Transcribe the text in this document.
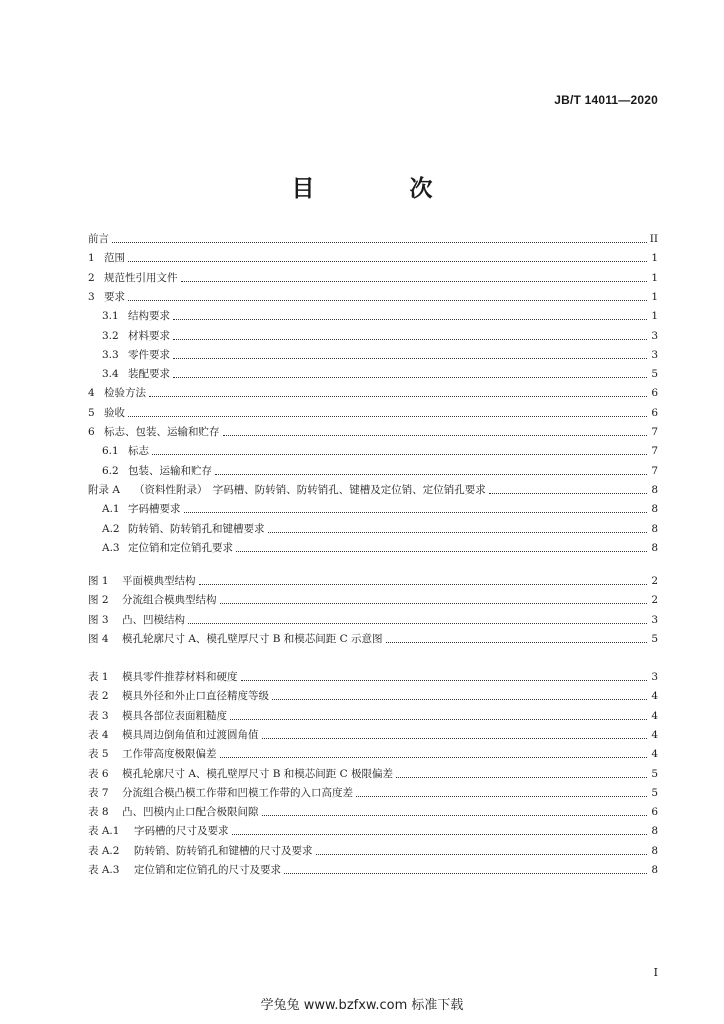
JB/T 14011—2020
目　次
前言	II
1 范围	1
2 规范性引用文件	1
3 要求	1
3.1 结构要求	1
3.2 材料要求	3
3.3 零件要求	3
3.4 装配要求	5
4 检验方法	6
5 验收	6
6 标志、包装、运输和贮存	7
6.1 标志	7
6.2 包装、运输和贮存	7
附录 A	（资料性附录）　字码槽、防转销、防转销孔、键槽及定位销、定位销孔要求	8
A.1 字码槽要求	8
A.2 防转销、防转销孔和键槽要求	8
A.3 定位销和定位销孔要求	8
图 1	平面模典型结构	2
图 2	分流组合模典型结构	2
图 3	凸、凹模结构	3
图 4	模孔轮廓尺寸 A、模孔壁厚尺寸 B 和模芯间距 C 示意图	5
表 1	模具零件推荐材料和硬度	3
表 2	模具外径和外止口直径精度等级	4
表 3	模具各部位表面粗糙度	4
表 4	模具周边倒角值和过渡圆角值	4
表 5	工作带高度极限偏差	4
表 6	模孔轮廓尺寸 A、模孔壁厚尺寸 B 和模芯间距 C 极限偏差	5
表 7	分流组合模凸模工作带和凹模工作带的入口高度差	5
表 8	凸、凹模内止口配合极限间隙	6
表 A.1	字码槽的尺寸及要求	8
表 A.2	防转销、防转销孔和键槽的尺寸及要求	8
表 A.3	定位销和定位销孔的尺寸及要求	8
I
学兔兔 www.bzfxw.com 标准下载
